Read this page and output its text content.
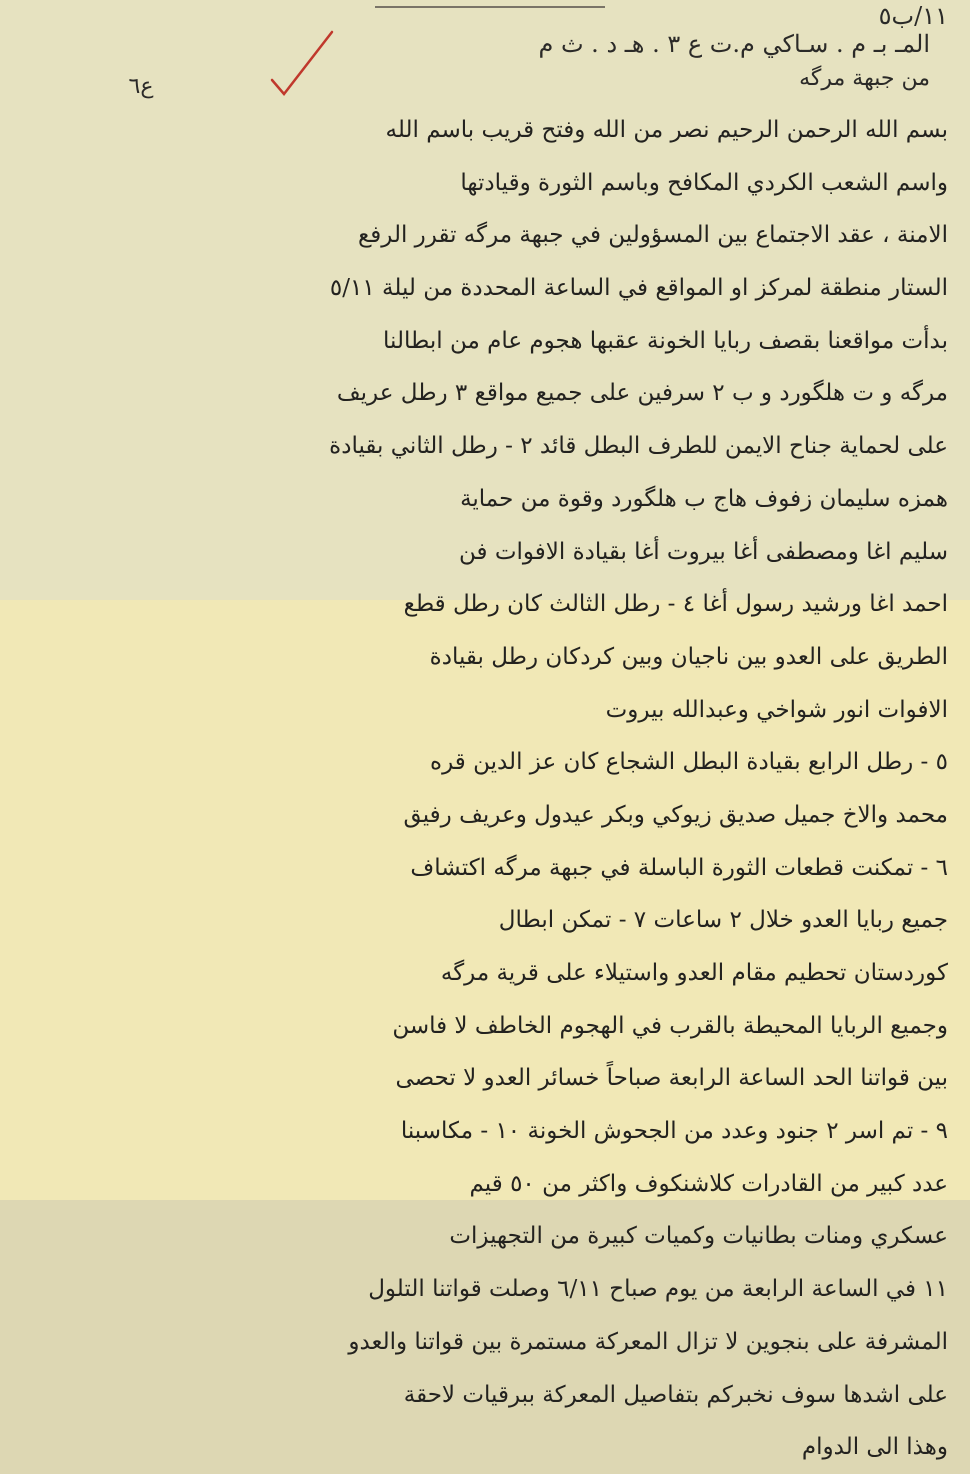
١١/ب٥
المـ بـ م . سـاكي م.ت ع ٣ . هـ د . ث م
من جبهة مرگه
ع٦
بسم الله الرحمن الرحيم نصر من الله وفتح قريب باسم الله
واسم الشعب الكردي المكافح وباسم الثورة وقيادتها
الامنة ، عقد الاجتماع بين المسؤولين في جبهة مرگه تقرر الرفع
الستار منطقة لمركز او المواقع في الساعة المحددة من ليلة ٥/١١
بدأت مواقعنا بقصف ربايا الخونة عقبها هجوم عام من ابطالنا
مرگه و ت هلگورد و ب ٢ سرفين على جميع مواقع ٣ رطل عريف
على لحماية جناح الايمن للطرف البطل قائد ٢ - رطل الثاني بقيادة
همزه سليمان زفوف هاج ب هلگورد وقوة من حماية
سليم اغا ومصطفى أغا بيروت أغا بقيادة الافوات فن
احمد اغا ورشيد رسول أغا ٤ - رطل الثالث كان رطل قطع
الطريق على العدو بين ناجيان وبين كردكان رطل بقيادة
الافوات انور شواخي وعبدالله بيروت
٥ - رطل الرابع بقيادة البطل الشجاع كان عز الدين قره
محمد والاخ جميل صديق زيوكي وبكر عيدول وعريف رفيق
٦ - تمكنت قطعات الثورة الباسلة في جبهة مرگه اكتشاف
جميع ربايا العدو خلال ٢ ساعات ٧ - تمكن ابطال
كوردستان تحطيم مقام العدو واستيلاء على قرية مرگه
وجميع الربايا المحيطة بالقرب في الهجوم الخاطف لا فاسن
بين قواتنا الحد الساعة الرابعة صباحاً خسائر العدو لا تحصى
٩ - تم اسر ٢ جنود وعدد من الجحوش الخونة ١٠ - مكاسبنا
عدد كبير من القادرات كلاشنكوف واكثر من ٥٠ قيم
عسكري ومنات بطانيات وكميات كبيرة من التجهيزات
١١ في الساعة الرابعة من يوم صباح ٦/١١ وصلت قواتنا التلول
المشرفة على بنجوين لا تزال المعركة مستمرة بين قواتنا والعدو
على اشدها سوف نخبركم بتفاصيل المعركة ببرقيات لاحقة
وهذا الى الدوام
